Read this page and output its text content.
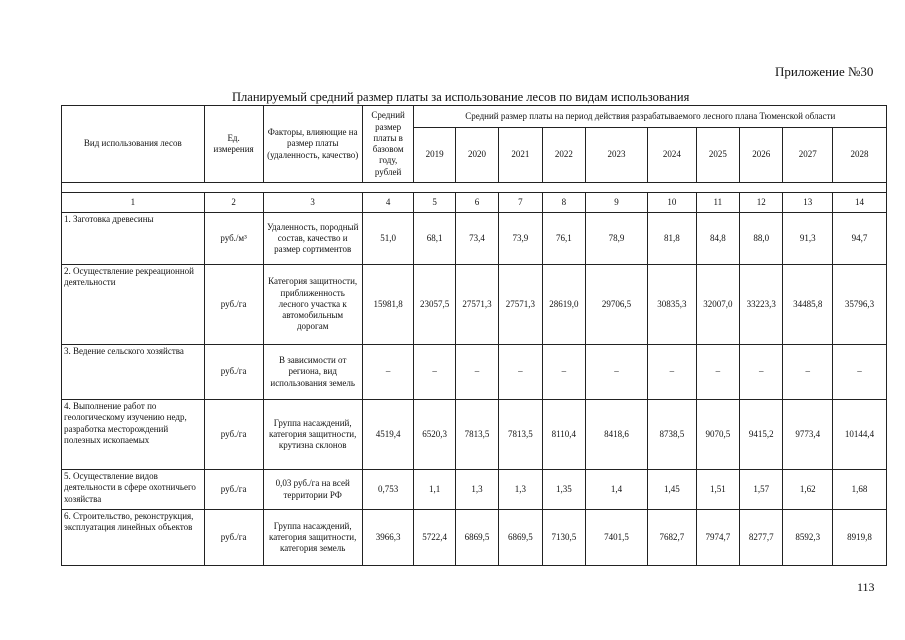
Приложение №30
Планируемый средний размер платы за использование лесов по видам использования
Вид использования лесов	Ед. измерения	Факторы, влияющие на размер платы (удаленность, качество)	Средний размер платы в базовом году, рублей	Средний размер платы на период действия разрабатываемого лесного плана Тюменской области									
				2019	2020	2021	2022	2023	2024	2025	2026	2027	2028

1	2	3	4	5	6	7	8	9	10	11	12	13	14
1. Заготовка древесины	руб./м³	Удаленность, породный состав, качество и размер сортиментов	51,0	68,1	73,4	73,9	76,1	78,9	81,8	84,8	88,0	91,3	94,7
2. Осуществление рекреационной деятельности	руб./га	Категория защитности, приближенность лесного участка к автомобильным дорогам	15981,8	23057,5	27571,3	27571,3	28619,0	29706,5	30835,3	32007,0	33223,3	34485,8	35796,3
3. Ведение сельского хозяйства	руб./га	В зависимости от региона, вид использования земель	–	–	–	–	–	–	–	–	–	–	–
4. Выполнение работ по геологическому изучению недр, разработка месторождений полезных ископаемых	руб./га	Группа насаждений, категория защитности, крутизна склонов	4519,4	6520,3	7813,5	7813,5	8110,4	8418,6	8738,5	9070,5	9415,2	9773,4	10144,4
5. Осуществление видов деятельности в сфере охотничьего хозяйства	руб./га	0,03 руб./га на всей территории РФ	0,753	1,1	1,3	1,3	1,35	1,4	1,45	1,51	1,57	1,62	1,68
6. Строительство, реконструкция, эксплуатация линейных объектов	руб./га	Группа насаждений, категория защитности, категория земель	3966,3	5722,4	6869,5	6869,5	7130,5	7401,5	7682,7	7974,7	8277,7	8592,3	8919,8
113
